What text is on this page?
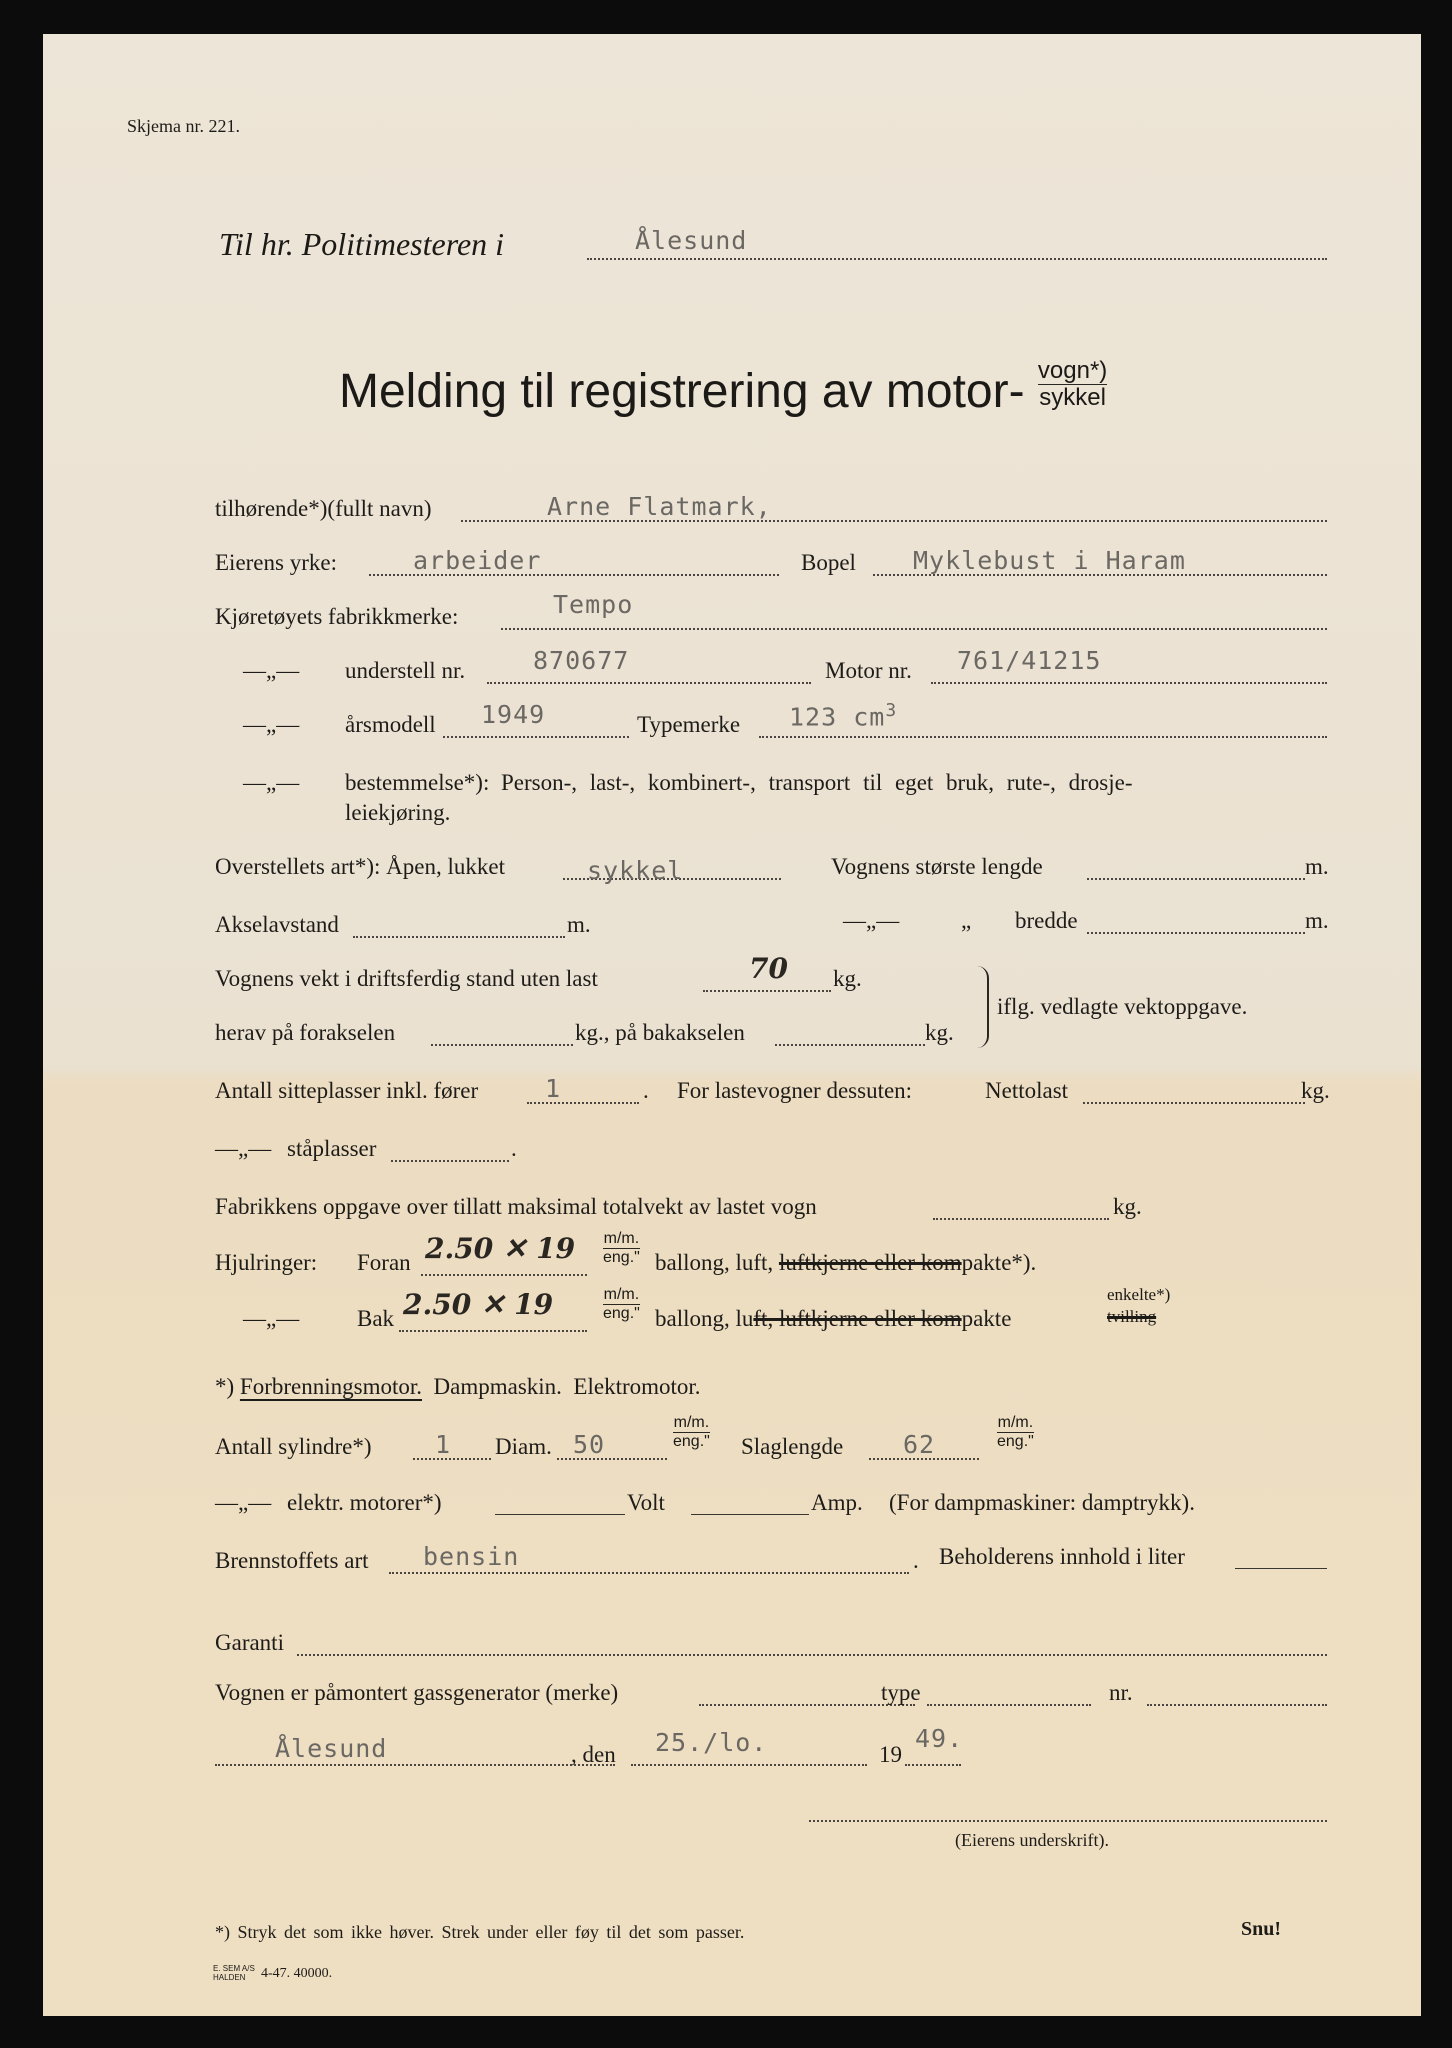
Skjema nr. 221.
Til hr. Politimesteren i	Ålesund
Melding til registrering av motor- $\frac{\text{vogn*)}}{\text{sykkel}}$
tilhørende*)(fullt navn)	Arne Flatmark,
Eierens yrke:	arbeider	Bopel Myklebust i Haram
Kjøretøyets fabrikkmerke:	Tempo
—„— understell nr.	870677	Motor nr. 761/41215
—„— årsmodell 1949	Typemerke 123 $cm^3$
—„— bestemmelse*): Person-, last-, kombinert-, transport til eget bruk, rute-, drosje-
leiekjøring.
Overstellets art*): Åpen, lukket	sykkel	Vognens største lengde	m.
Akselavstand	m.	—„—	„ bredde	m.
Vognens vekt i driftsferdig stand uten last	70 kg.
herav på forakselen	kg., på bakakselen	kg.
iflg. vedlagte vektoppgave.
Antall sitteplasser inkl. fører	1	. For lastevogner dessuten:	Nettolast	kg.
—„— ståplasser	.
Fabrikkens oppgave over tillatt maksimal totalvekt av lastet vogn	kg.
Hjulringer: Foran 2.50 ✕ 19 m/m.
eng." ballong, luft, luftkjerne eller kompakte*).
—„—	Bak 2.50 ✕ 19	m/m.
eng." ballong, luft, luftkjerne eller kompakte
enkelte*)
tvilling
*) Forbrenningsmotor. Dampmaskin. Elektromotor.
Antall sylindre*)	1 Diam. 50
m/m.
eng." Slaglengde 62
m/m.
eng."
—„— elektr. motorer*)	Volt	Amp. (For dampmaskiner: damptrykk).
Brennstoffets art bensin	. Beholderens innhold i liter
Garanti
Vognen er påmontert gassgenerator (merke)	type	nr.
Ålesund	, den 25./lo.	19
49.
(Eierens underskrift).
*) Stryk det som ikke høver. Strek under eller føy til det som passer.	Snu!
E. SEM A/S
HALDEN	4-47. 40000.
